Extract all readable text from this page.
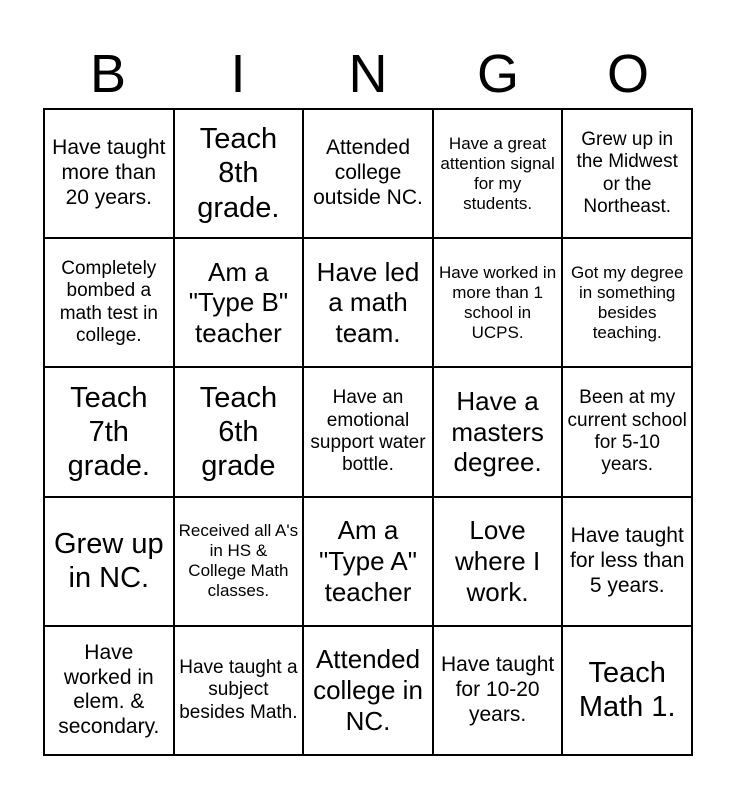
B	I	N	G	O
Have taught more than 20 years.
Teach 8th grade.
Attended college outside NC.
Have a great attention signal for my students.
Grew up in the Midwest or the Northeast.
Completely bombed a math test in college.
Am a "Type B" teacher
Have led a math team.
Have worked in more than 1 school in UCPS.
Got my degree in something besides teaching.
Teach 7th grade.
Teach 6th grade
Have an emotional support water bottle.
Have a masters degree.
Been at my current school for 5-10 years.
Grew up in NC.
Received all A's in HS & College Math classes.
Am a "Type A" teacher
Love where I work.
Have taught for less than 5 years.
Have worked in elem. & secondary.
Have taught a subject besides Math.
Attended college in NC.
Have taught for 10-20 years.
Teach Math 1.
